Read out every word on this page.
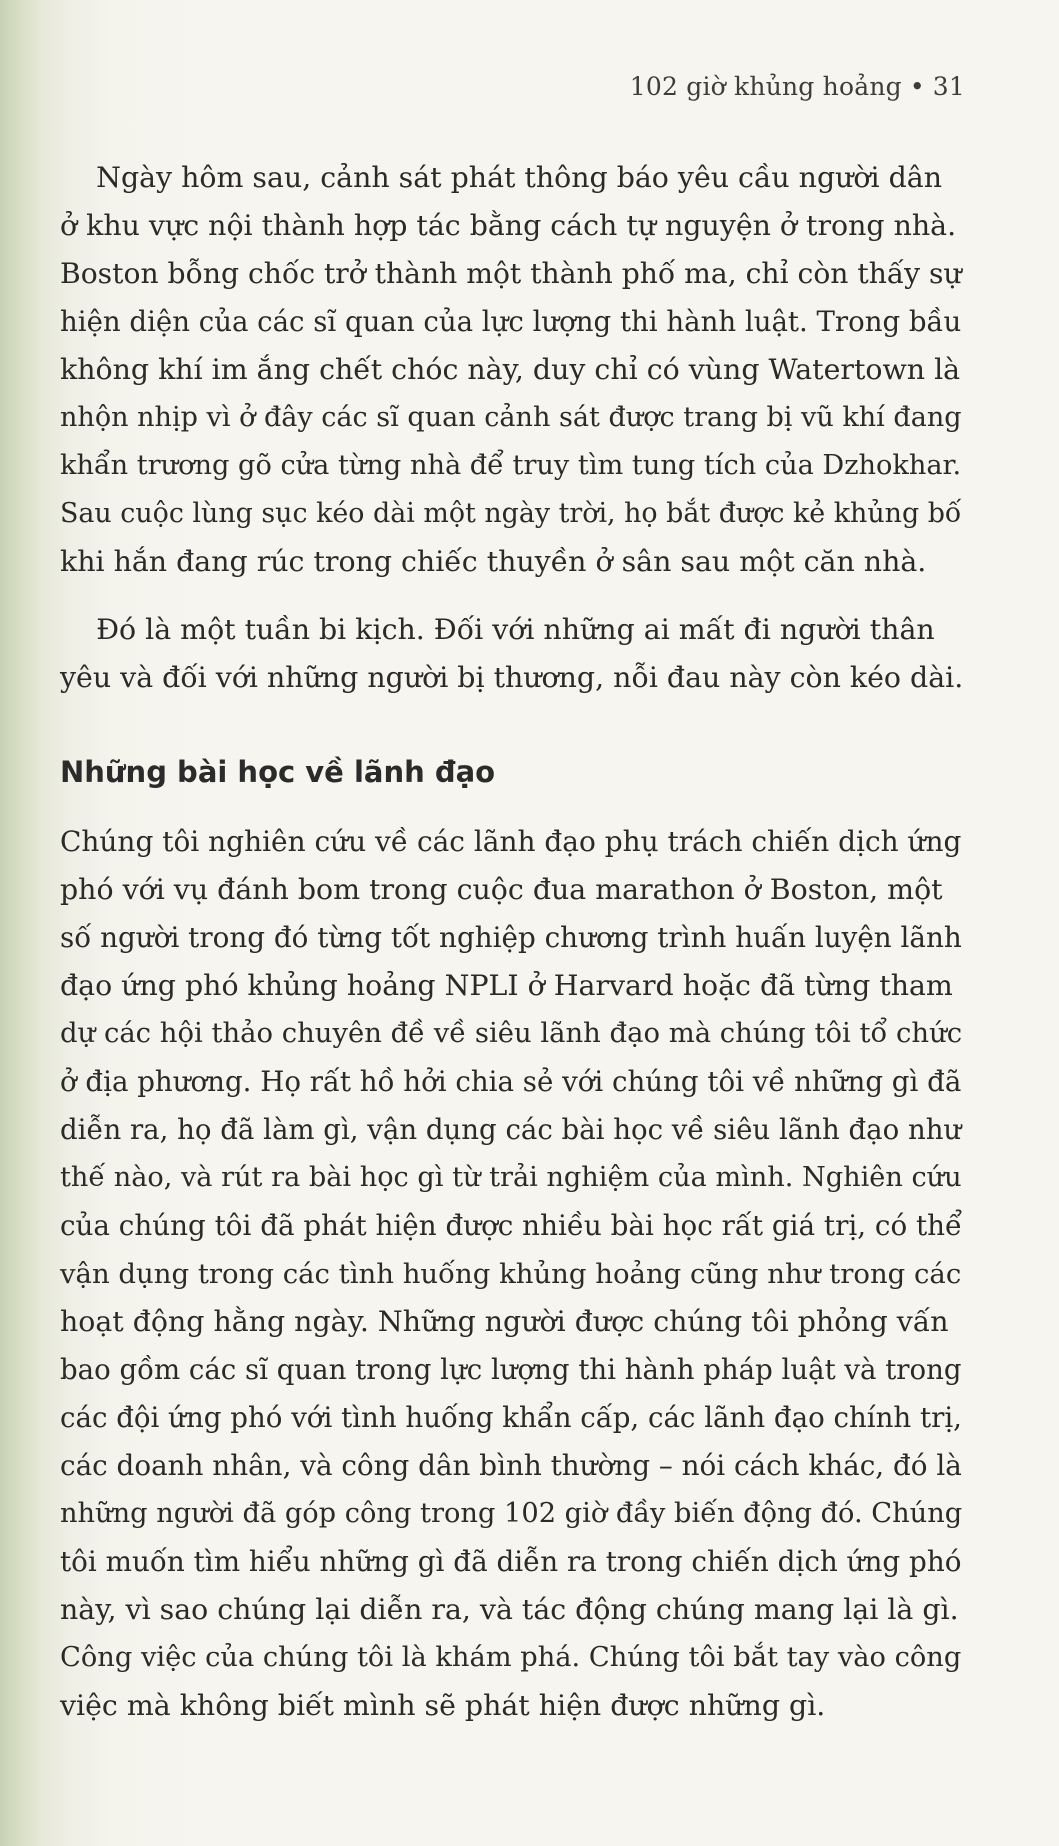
102 giờ khủng hoảng • 31
Ngày hôm sau, cảnh sát phát thông báo yêu cầu người dân
ở khu vực nội thành hợp tác bằng cách tự nguyện ở trong nhà.
Boston bỗng chốc trở thành một thành phố ma, chỉ còn thấy sự
hiện diện của các sĩ quan của lực lượng thi hành luật. Trong bầu
không khí im ắng chết chóc này, duy chỉ có vùng Watertown là
nhộn nhịp vì ở đây các sĩ quan cảnh sát được trang bị vũ khí đang
khẩn trương gõ cửa từng nhà để truy tìm tung tích của Dzhokhar.
Sau cuộc lùng sục kéo dài một ngày trời, họ bắt được kẻ khủng bố
khi hắn đang rúc trong chiếc thuyền ở sân sau một căn nhà.
Đó là một tuần bi kịch. Đối với những ai mất đi người thân
yêu và đối với những người bị thương, nỗi đau này còn kéo dài.
Những bài học về lãnh đạo
Chúng tôi nghiên cứu về các lãnh đạo phụ trách chiến dịch ứng
phó với vụ đánh bom trong cuộc đua marathon ở Boston, một
số người trong đó từng tốt nghiệp chương trình huấn luyện lãnh
đạo ứng phó khủng hoảng NPLI ở Harvard hoặc đã từng tham
dự các hội thảo chuyên đề về siêu lãnh đạo mà chúng tôi tổ chức
ở địa phương. Họ rất hồ hởi chia sẻ với chúng tôi về những gì đã
diễn ra, họ đã làm gì, vận dụng các bài học về siêu lãnh đạo như
thế nào, và rút ra bài học gì từ trải nghiệm của mình. Nghiên cứu
của chúng tôi đã phát hiện được nhiều bài học rất giá trị, có thể
vận dụng trong các tình huống khủng hoảng cũng như trong các
hoạt động hằng ngày. Những người được chúng tôi phỏng vấn
bao gồm các sĩ quan trong lực lượng thi hành pháp luật và trong
các đội ứng phó với tình huống khẩn cấp, các lãnh đạo chính trị,
các doanh nhân, và công dân bình thường – nói cách khác, đó là
những người đã góp công trong 102 giờ đầy biến động đó. Chúng
tôi muốn tìm hiểu những gì đã diễn ra trong chiến dịch ứng phó
này, vì sao chúng lại diễn ra, và tác động chúng mang lại là gì.
Công việc của chúng tôi là khám phá. Chúng tôi bắt tay vào công
việc mà không biết mình sẽ phát hiện được những gì.
